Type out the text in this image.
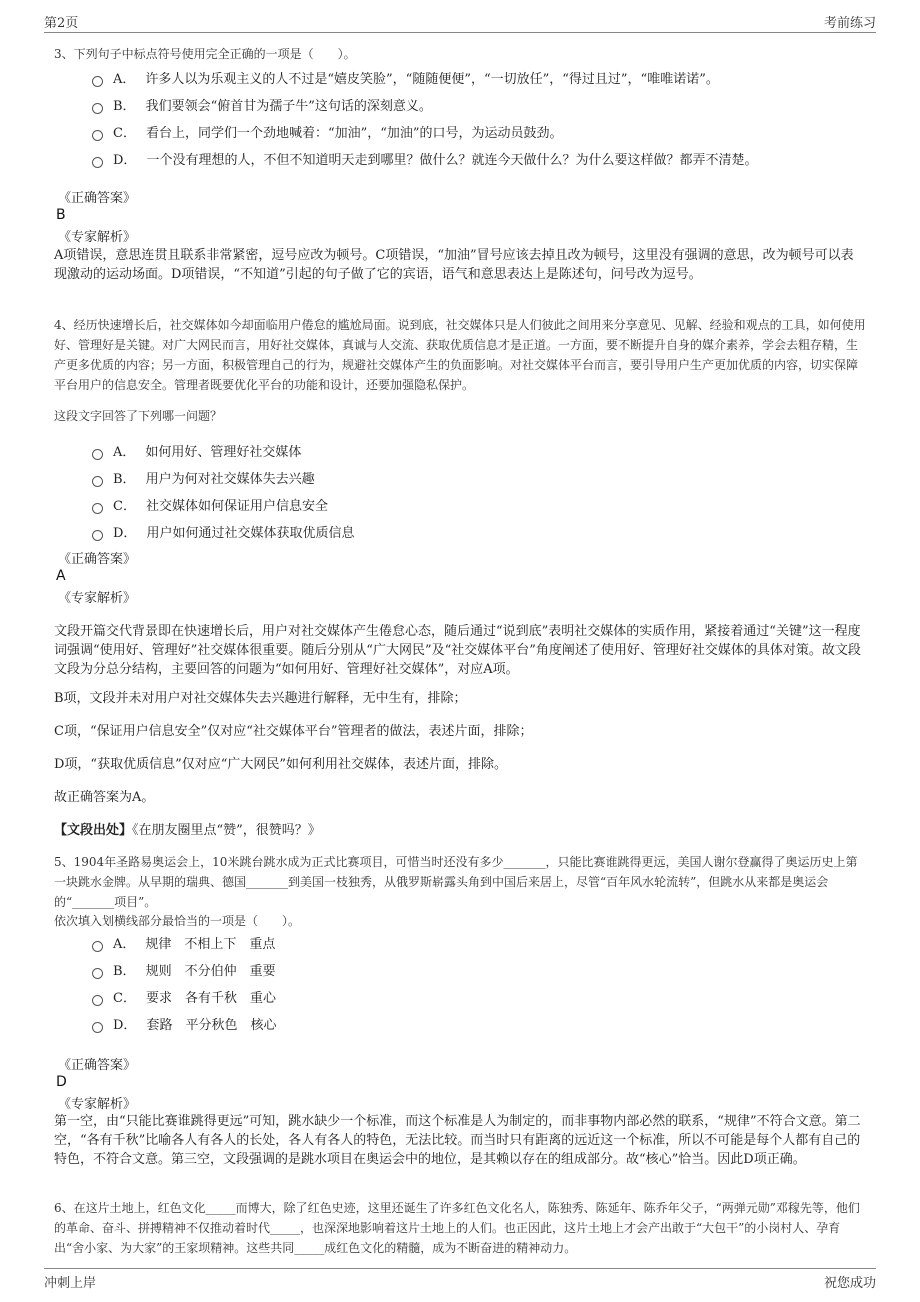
第2页	考前练习

3、下列句子中标点符号使用完全正确的一项是（　　）。

A． 许多人以为乐观主义的人不过是“嬉皮笑脸”，“随随便便”，“一切放任”，“得过且过”，“唯唯诺诺”。
B． 我们要领会“俯首甘为孺子牛”这句话的深刻意义。
C． 看台上，同学们一个劲地喊着：“加油”，“加油”的口号，为运动员鼓劲。
D． 一个没有理想的人，不但不知道明天走到哪里？做什么？就连今天做什么？为什么要这样做？都弄不清楚。
《正确答案》
B
《专家解析》

A项错误，意思连贯且联系非常紧密，逗号应改为顿号。C项错误，“加油”冒号应该去掉且改为顿号，这里没有强调的意思，改为顿号可以表现激动的运动场面。D项错误，“不知道”引起的句子做了它的宾语，语气和意思表达上是陈述句，问号改为逗号。

4、经历快速增长后，社交媒体如今却面临用户倦怠的尴尬局面。说到底，社交媒体只是人们彼此之间用来分享意见、见解、经验和观点的工具，如何使用好、管理好是关键。对广大网民而言，用好社交媒体，真诚与人交流、获取优质信息才是正道。一方面，要不断提升自身的媒介素养，学会去粗存精，生产更多优质的内容；另一方面，积极管理自己的行为，规避社交媒体产生的负面影响。对社交媒体平台而言，要引导用户生产更加优质的内容，切实保障平台用户的信息安全。管理者既要优化平台的功能和设计，还要加强隐私保护。

这段文字回答了下列哪一问题？

A． 如何用好、管理好社交媒体
B． 用户为何对社交媒体失去兴趣
C． 社交媒体如何保证用户信息安全
D． 用户如何通过社交媒体获取优质信息
《正确答案》
A
《专家解析》

文段开篇交代背景即在快速增长后，用户对社交媒体产生倦怠心态，随后通过“说到底”表明社交媒体的实质作用，紧接着通过“关键”这一程度词强调“使用好、管理好”社交媒体很重要。随后分别从“广大网民”及“社交媒体平台”角度阐述了使用好、管理好社交媒体的具体对策。故文段文段为分总分结构，主要回答的问题为“如何用好、管理好社交媒体”，对应A项。

B项，文段并未对用户对社交媒体失去兴趣进行解释，无中生有，排除；

C项，“保证用户信息安全”仅对应“社交媒体平台”管理者的做法，表述片面，排除；

D项，“获取优质信息”仅对应“广大网民”如何利用社交媒体，表述片面，排除。

故正确答案为A。

【文段出处】《在朋友圈里点“赞”，很赞吗？》

5、1904年圣路易奥运会上，10米跳台跳水成为正式比赛项目，可惜当时还没有多少_______，只能比赛谁跳得更远，美国人谢尔登赢得了奥运历史上第一块跳水金牌。从早期的瑞典、德国_______到美国一枝独秀，从俄罗斯崭露头角到中国后来居上，尽管“百年风水轮流转”，但跳水从来都是奥运会的“_______项目”。

依次填入划横线部分最恰当的一项是（　　）。

A． 规律　不相上下　重点
B． 规则　不分伯仲　重要
C． 要求　各有千秋　重心
D． 套路　平分秋色　核心
《正确答案》
D
《专家解析》

第一空，由“只能比赛谁跳得更远”可知，跳水缺少一个标准，而这个标准是人为制定的，而非事物内部必然的联系，“规律”不符合文意。第二空，“各有千秋”比喻各人有各人的长处，各人有各人的特色，无法比较。而当时只有距离的远近这一个标准，所以不可能是每个人都有自己的特色，不符合文意。第三空，文段强调的是跳水项目在奥运会中的地位，是其赖以存在的组成部分。故“核心”恰当。因此D项正确。

6、在这片土地上，红色文化_____而博大，除了红色史迹，这里还诞生了许多红色文化名人，陈独秀、陈延年、陈乔年父子，“两弹元勋”邓稼先等，他们的革命、奋斗、拼搏精神不仅推动着时代_____，也深深地影响着这片土地上的人们。也正因此，这片土地上才会产出敢于“大包干”的小岗村人、孕育出“舍小家、为大家”的王家坝精神。这些共同_____成红色文化的精髓，成为不断奋进的精神动力。

冲刺上岸	祝您成功
